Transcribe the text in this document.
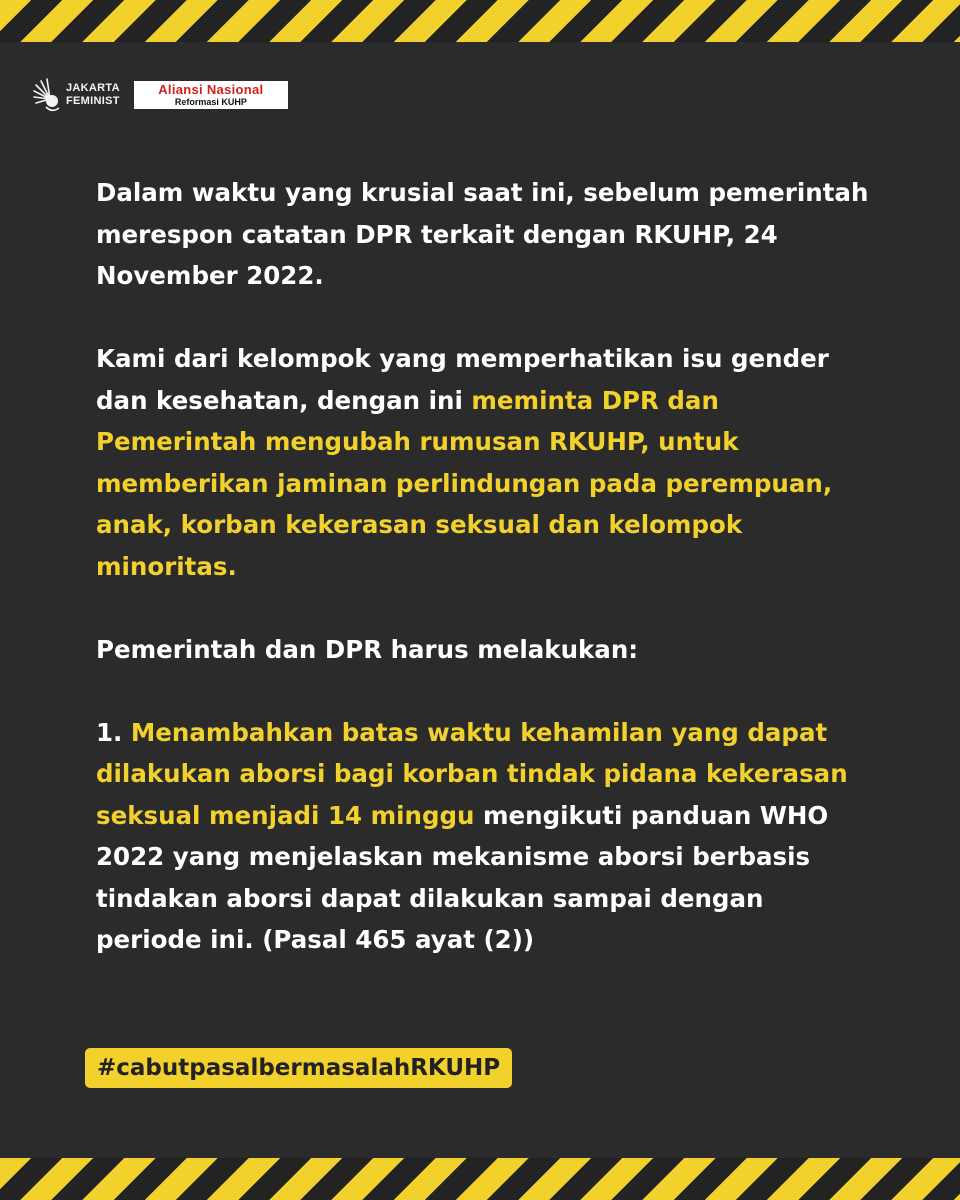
JAKARTA
FEMINIST
Aliansi Nasional
Reformasi KUHP

Dalam waktu yang krusial saat ini, sebelum pemerintah merespon catatan DPR terkait dengan RKUHP, 24 November 2022.

Kami dari kelompok yang memperhatikan isu gender dan kesehatan, dengan ini meminta DPR dan Pemerintah mengubah rumusan RKUHP, untuk memberikan jaminan perlindungan pada perempuan, anak, korban kekerasan seksual dan kelompok minoritas.

Pemerintah dan DPR harus melakukan:

1. Menambahkan batas waktu kehamilan yang dapat dilakukan aborsi bagi korban tindak pidana kekerasan seksual menjadi 14 minggu mengikuti panduan WHO 2022 yang menjelaskan mekanisme aborsi berbasis tindakan aborsi dapat dilakukan sampai dengan periode ini. (Pasal 465 ayat (2))

#cabutpasalbermasalahRKUHP
